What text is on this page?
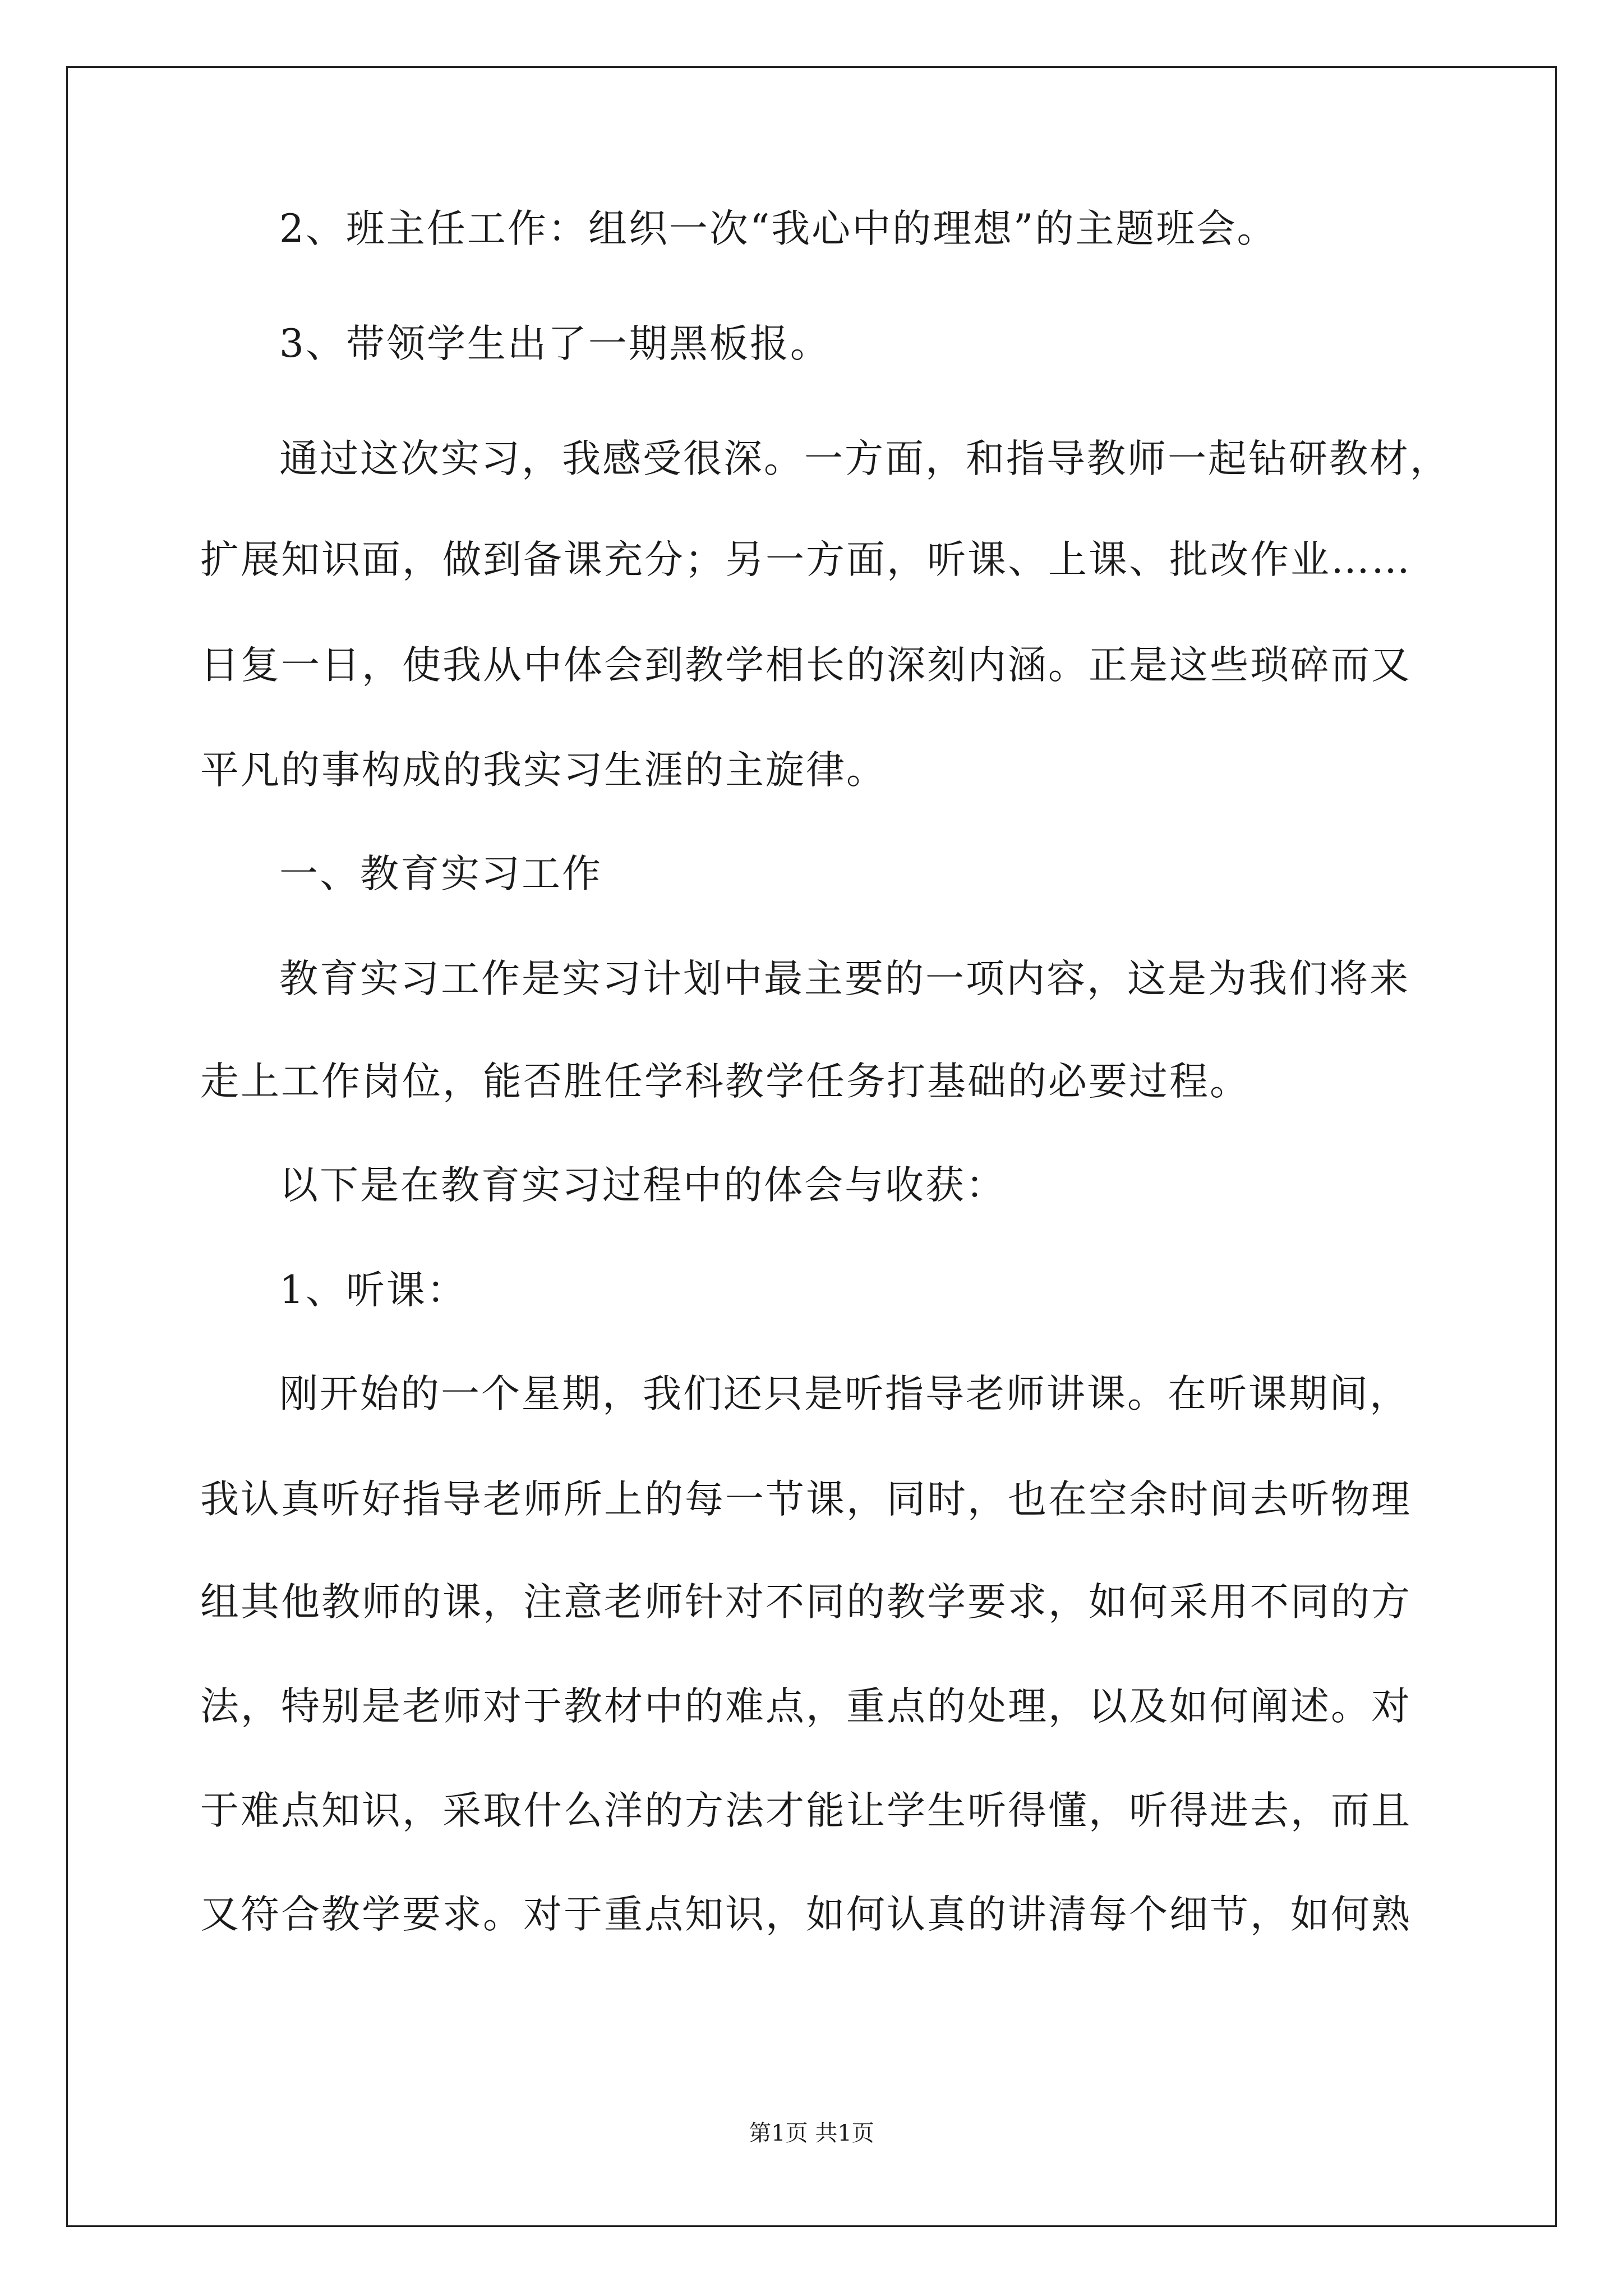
2、班主任工作：组织一次“我心中的理想”的主题班会。
3、带领学生出了一期黑板报。
通过这次实习，我感受很深。一方面，和指导教师一起钻研教材，
扩展知识面，做到备课充分；另一方面，听课、上课、批改作业……
日复一日，使我从中体会到教学相长的深刻内涵。正是这些琐碎而又
平凡的事构成的我实习生涯的主旋律。
一、教育实习工作
教育实习工作是实习计划中最主要的一项内容，这是为我们将来
走上工作岗位，能否胜任学科教学任务打基础的必要过程。
以下是在教育实习过程中的体会与收获：
1、听课：
刚开始的一个星期，我们还只是听指导老师讲课。在听课期间，
我认真听好指导老师所上的每一节课，同时，也在空余时间去听物理
组其他教师的课，注意老师针对不同的教学要求，如何采用不同的方
法，特别是老师对于教材中的难点，重点的处理，以及如何阐述。对
于难点知识，采取什么洋的方法才能让学生听得懂，听得进去，而且
又符合教学要求。对于重点知识，如何认真的讲清每个细节，如何熟
第1页 共1页
